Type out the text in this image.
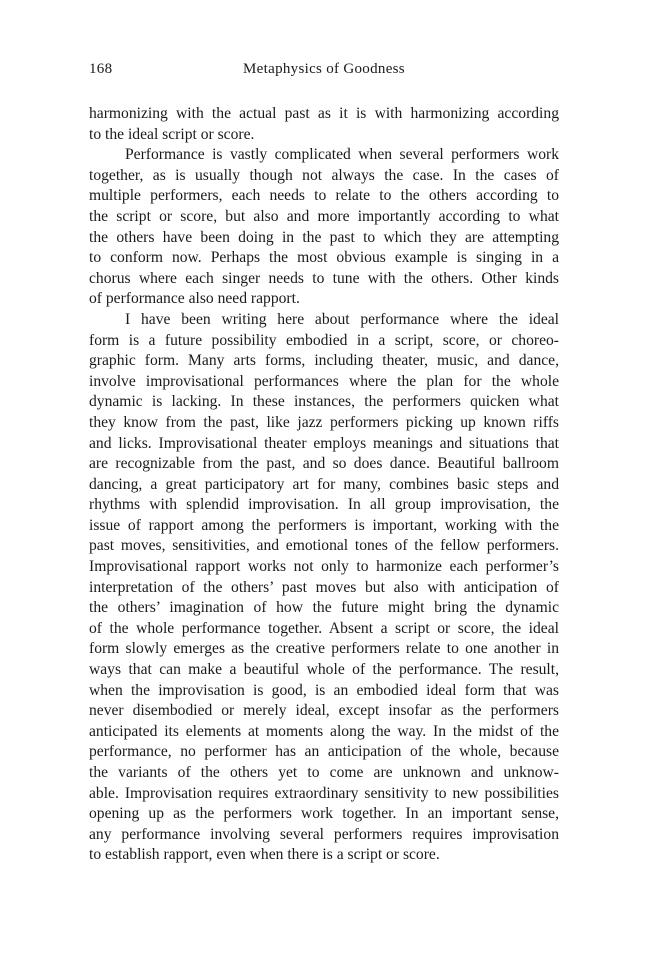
168	Metaphysics of Goodness
harmonizing with the actual past as it is with harmonizing according
to the ideal script or score.
Performance is vastly complicated when several performers work
together, as is usually though not always the case. In the cases of
multiple performers, each needs to relate to the others according to
the script or score, but also and more importantly according to what
the others have been doing in the past to which they are attempting
to conform now. Perhaps the most obvious example is singing in a
chorus where each singer needs to tune with the others. Other kinds
of performance also need rapport.
I have been writing here about performance where the ideal
form is a future possibility embodied in a script, score, or choreo-
graphic form. Many arts forms, including theater, music, and dance,
involve improvisational performances where the plan for the whole
dynamic is lacking. In these instances, the performers quicken what
they know from the past, like jazz performers picking up known riffs
and licks. Improvisational theater employs meanings and situations that
are recognizable from the past, and so does dance. Beautiful ballroom
dancing, a great participatory art for many, combines basic steps and
rhythms with splendid improvisation. In all group improvisation, the
issue of rapport among the performers is important, working with the
past moves, sensitivities, and emotional tones of the fellow performers.
Improvisational rapport works not only to harmonize each performer’s
interpretation of the others’ past moves but also with anticipation of
the others’ imagination of how the future might bring the dynamic
of the whole performance together. Absent a script or score, the ideal
form slowly emerges as the creative performers relate to one another in
ways that can make a beautiful whole of the performance. The result,
when the improvisation is good, is an embodied ideal form that was
never disembodied or merely ideal, except insofar as the performers
anticipated its elements at moments along the way. In the midst of the
performance, no performer has an anticipation of the whole, because
the variants of the others yet to come are unknown and unknow-
able. Improvisation requires extraordinary sensitivity to new possibilities
opening up as the performers work together. In an important sense,
any performance involving several performers requires improvisation
to establish rapport, even when there is a script or score.
